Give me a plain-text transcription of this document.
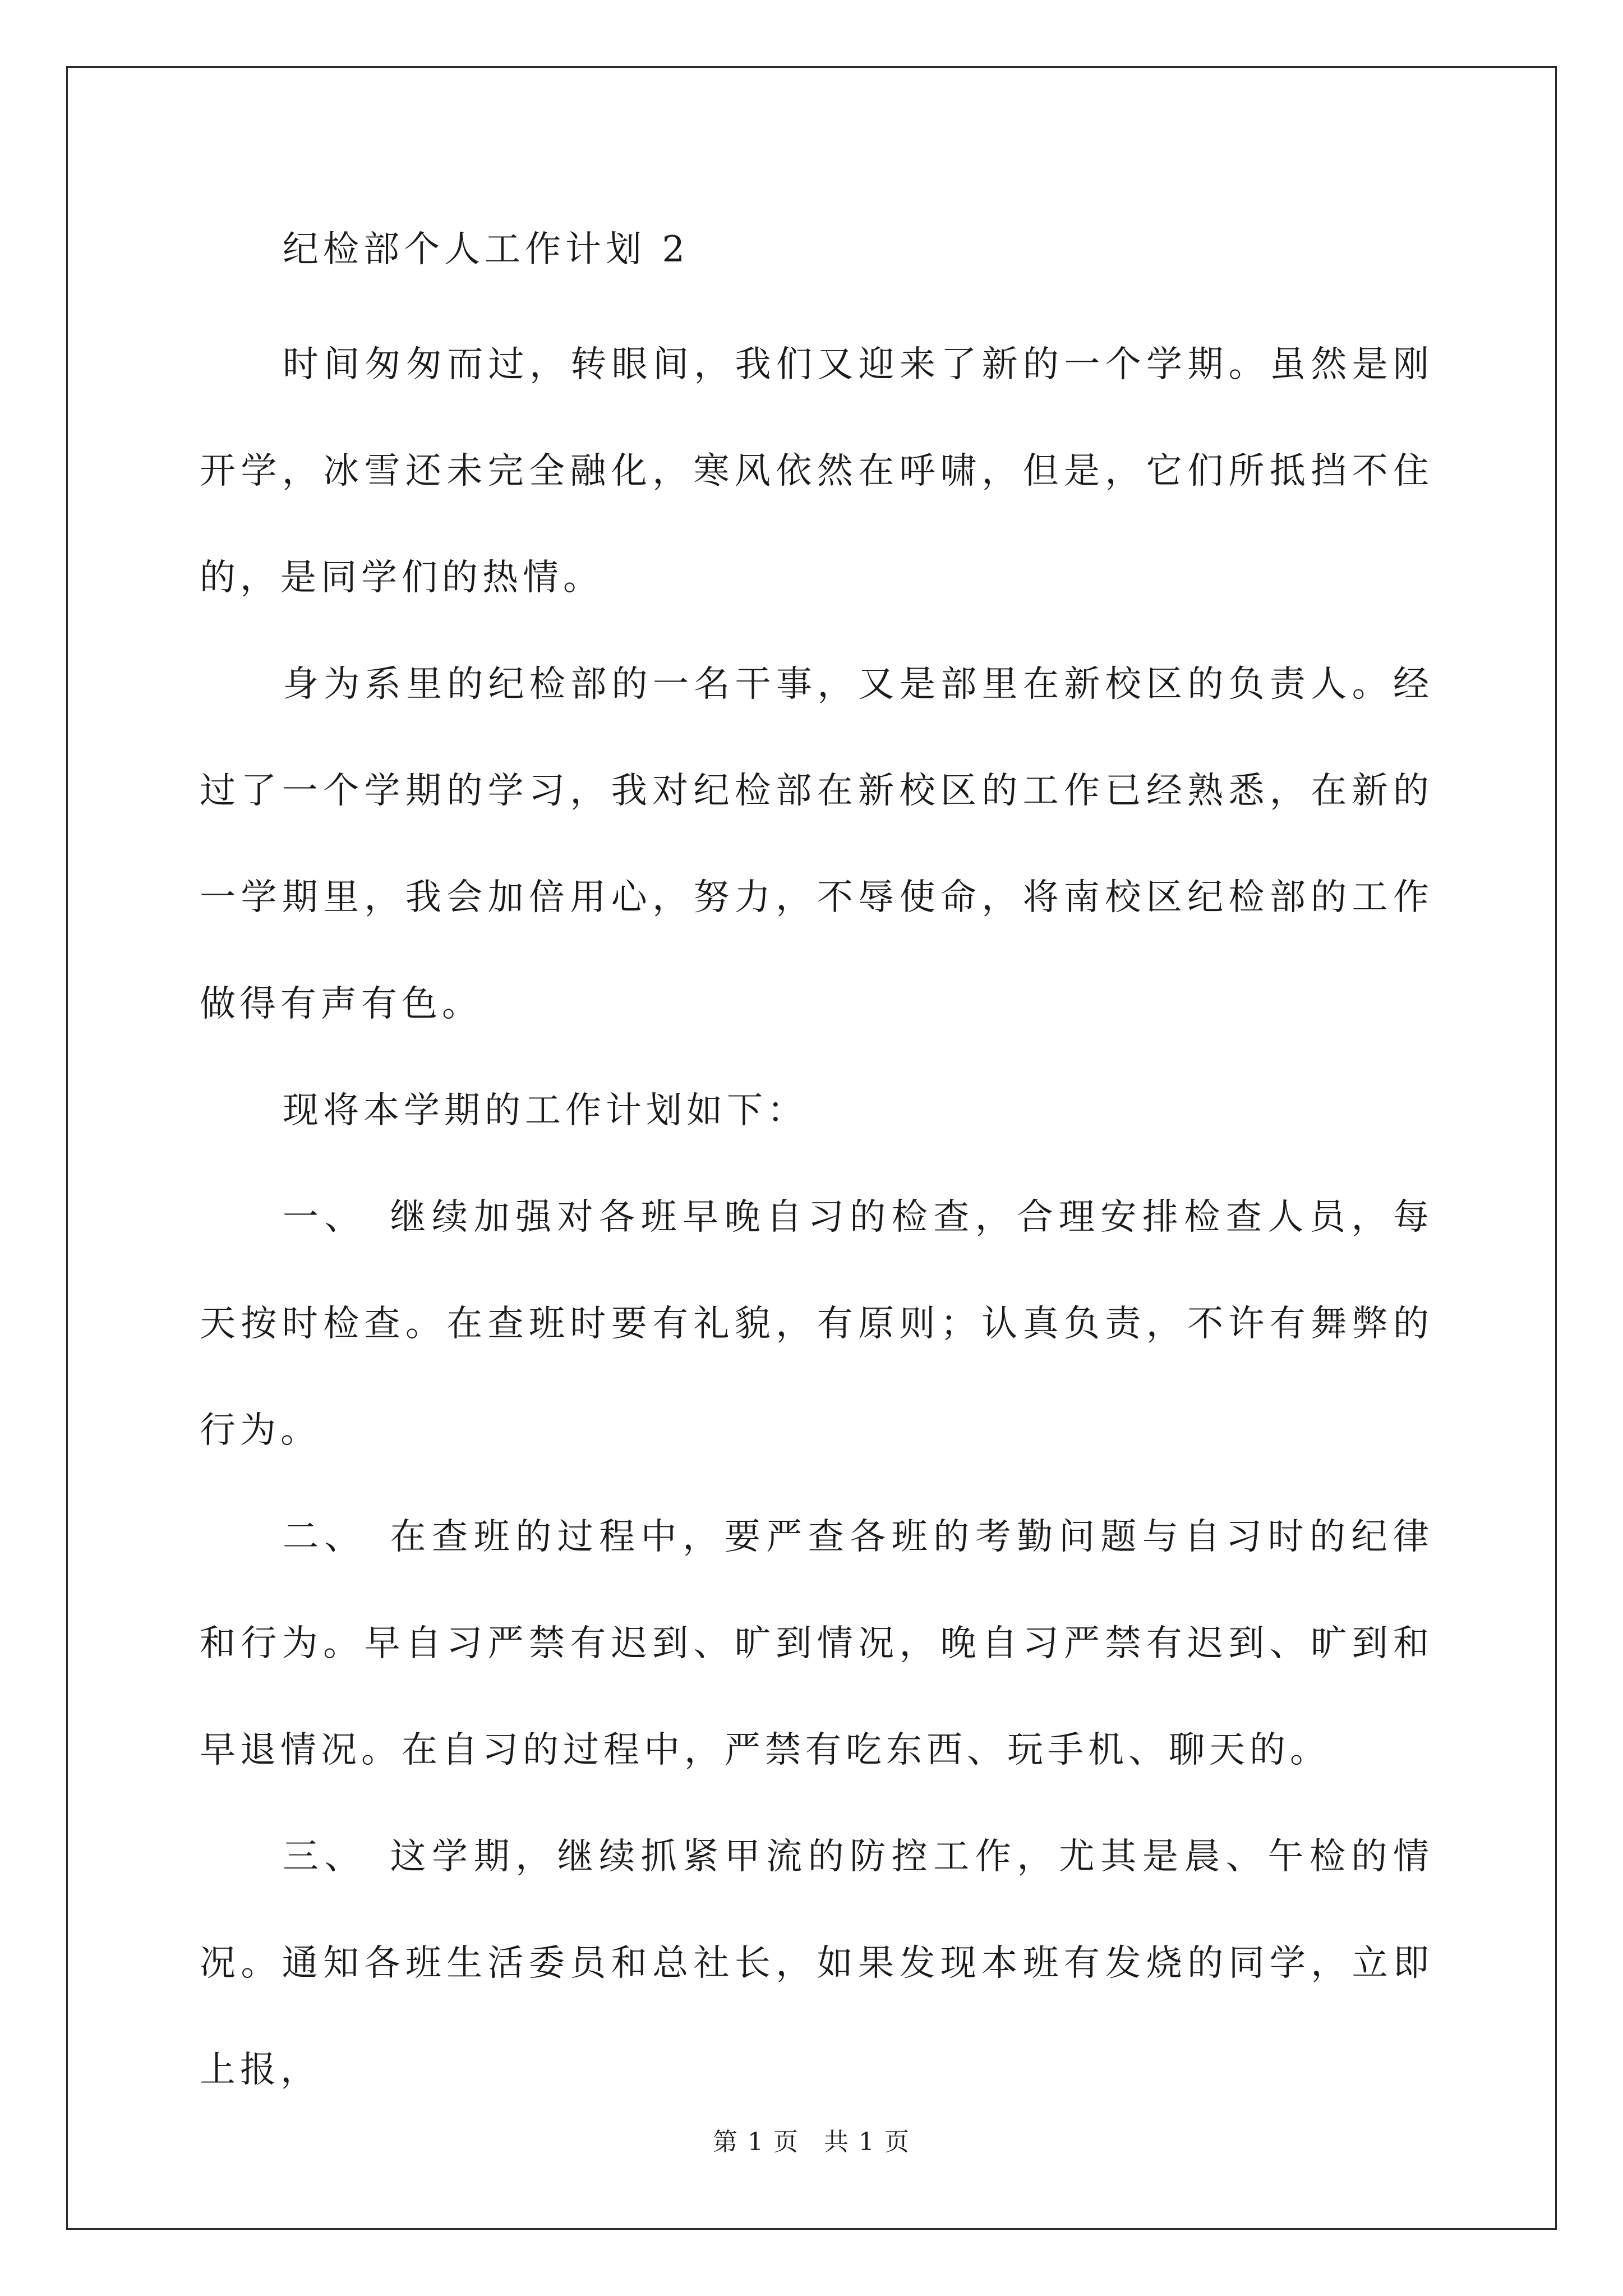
纪检部个人工作计划 2

时间匆匆而过，转眼间，我们又迎来了新的一个学期。虽然是刚开学，冰雪还未完全融化，寒风依然在呼啸，但是，它们所抵挡不住的，是同学们的热情。

身为系里的纪检部的一名干事，又是部里在新校区的负责人。经过了一个学期的学习，我对纪检部在新校区的工作已经熟悉，在新的一学期里，我会加倍用心，努力，不辱使命，将南校区纪检部的工作做得有声有色。

现将本学期的工作计划如下：

一、　继续加强对各班早晚自习的检查，合理安排检查人员，每天按时检查。在查班时要有礼貌，有原则；认真负责，不许有舞弊的行为。

二、　在查班的过程中，要严查各班的考勤问题与自习时的纪律和行为。早自习严禁有迟到、旷到情况，晚自习严禁有迟到、旷到和早退情况。在自习的过程中，严禁有吃东西、玩手机、聊天的。

三、　这学期，继续抓紧甲流的防控工作，尤其是晨、午检的情况。通知各班生活委员和总社长，如果发现本班有发烧的同学，立即上报，

第 1 页 共 1 页
